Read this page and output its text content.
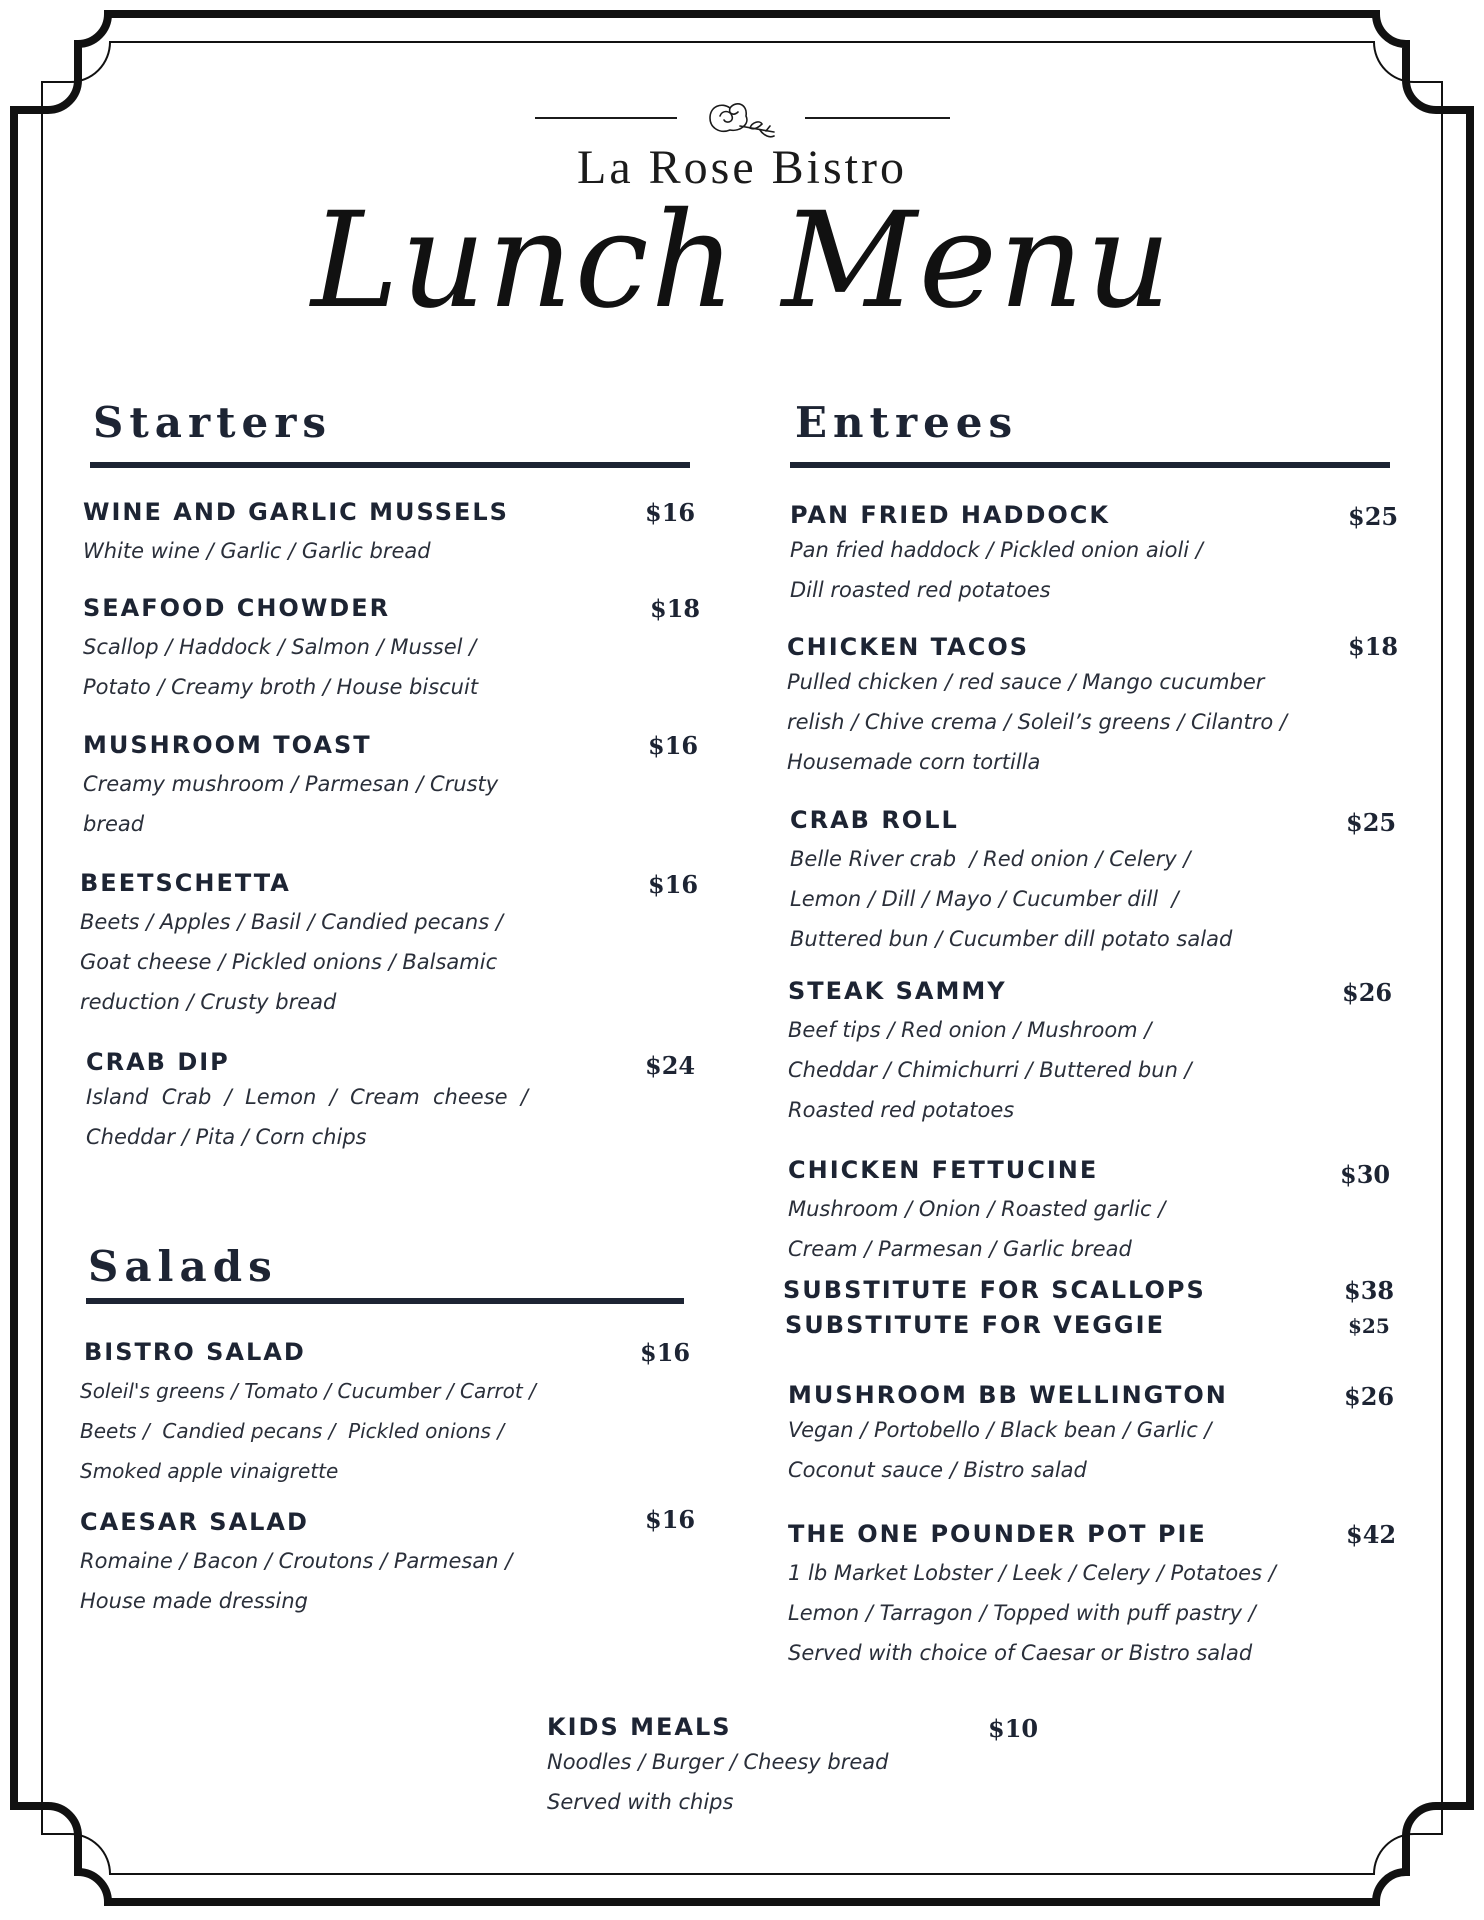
La Rose Bistro
Lunch Menu
Starters
WINE AND GARLIC MUSSELS
White wine / Garlic / Garlic bread
$16
SEAFOOD CHOWDER
Scallop / Haddock / Salmon / Mussel /
Potato / Creamy broth / House biscuit
$18
MUSHROOM TOAST
Creamy mushroom / Parmesan / Crusty
bread
$16
BEETSCHETTA
Beets / Apples / Basil / Candied pecans /
Goat cheese / Pickled onions / Balsamic
reduction / Crusty bread
$16
CRAB DIP
Island  Crab  /  Lemon  /  Cream  cheese  /
Cheddar / Pita / Corn chips
$24
Salads
BISTRO SALAD
Soleil's greens / Tomato / Cucumber / Carrot /
Beets /  Candied pecans /  Pickled onions /
Smoked apple vinaigrette
$16
CAESAR SALAD
Romaine / Bacon / Croutons / Parmesan /
House made dressing
$16
Entrees
PAN FRIED HADDOCK
Pan fried haddock / Pickled onion aioli /
Dill roasted red potatoes
$25
CHICKEN TACOS
Pulled chicken / red sauce / Mango cucumber
relish / Chive crema / Soleil’s greens / Cilantro /
Housemade corn tortilla
$18
CRAB ROLL
Belle River crab  / Red onion / Celery /
Lemon / Dill / Mayo / Cucumber dill  /
Buttered bun / Cucumber dill potato salad
$25
STEAK SAMMY
Beef tips / Red onion / Mushroom /
Cheddar / Chimichurri / Buttered bun /
Roasted red potatoes
$26
CHICKEN FETTUCINE
Mushroom / Onion / Roasted garlic /
Cream / Parmesan / Garlic bread
$30
SUBSTITUTE FOR SCALLOPS	$38
SUBSTITUTE FOR VEGGIE	$25
MUSHROOM BB WELLINGTON
Vegan / Portobello / Black bean / Garlic /
Coconut sauce / Bistro salad
$26
THE ONE POUNDER POT PIE
1 lb Market Lobster / Leek / Celery / Potatoes /
Lemon / Tarragon / Topped with puff pastry /
Served with choice of Caesar or Bistro salad
$42
KIDS MEALS
Noodles / Burger / Cheesy bread
Served with chips
$10
